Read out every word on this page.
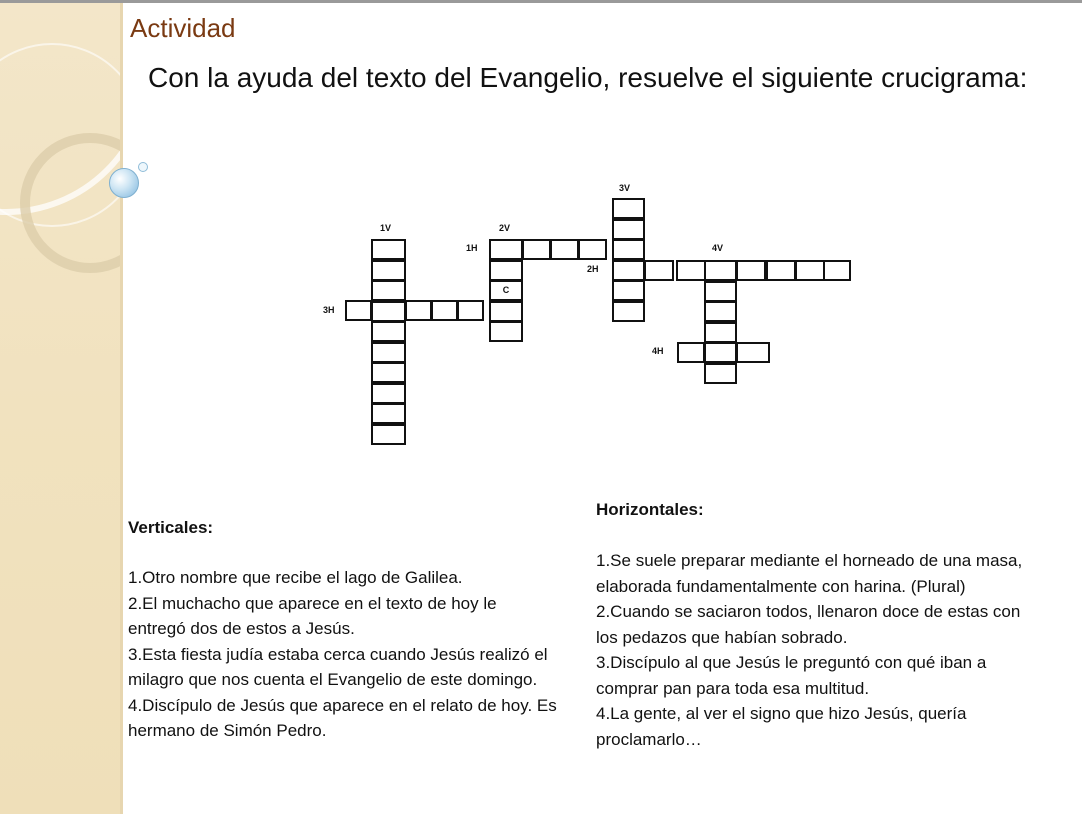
Actividad
Con la ayuda del texto del Evangelio, resuelve el siguiente crucigrama:
C
1V	2V
3V
4V
1H
2H
3H
4H
Verticales:

1.Otro nombre que recibe el lago de Galilea.

2.El muchacho que aparece en el texto de hoy le entregó dos de estos a Jesús.

3.Esta fiesta judía estaba cerca cuando Jesús realizó el milagro que nos cuenta el Evangelio de este domingo.

4.Discípulo de Jesús que aparece en el relato de hoy. Es hermano de Simón Pedro.

Horizontales:

1.Se suele preparar mediante el horneado de una masa, elaborada fundamentalmente con harina. (Plural)

2.Cuando se saciaron todos, llenaron doce de estas con los pedazos que habían sobrado.

3.Discípulo al que Jesús le preguntó con qué iban a comprar pan para toda esa multitud.

4.La gente, al ver el signo que hizo Jesús, quería proclamarlo…
